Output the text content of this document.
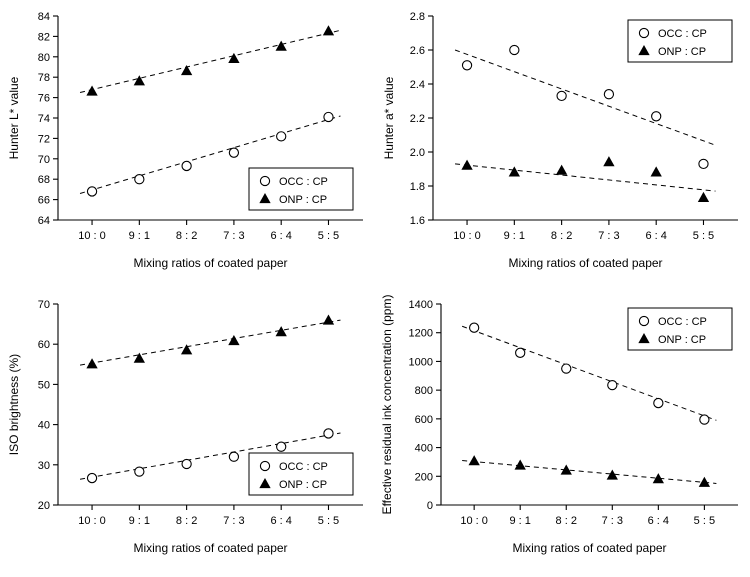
64
66
68
70
72
74
76
78
80
82
84
10 : 0 9 : 1 8 : 2 7 : 3 6 : 4 5 : 5
Mixing ratios of coated paper
Hunter L* value
OCC : CP
ONP : CP
1.6
1.8
2.0
2.2
2.4
2.6
2.8
10 : 0 9 : 1 8 : 2 7 : 3 6 : 4 5 : 5
Mixing ratios of coated paper
Hunter a* value
OCC : CP
ONP : CP
20
30
40
50
60
70
10 : 0 9 : 1 8 : 2 7 : 3 6 : 4 5 : 5
Mixing ratios of coated paper
ISO brightness (%)
OCC : CP
ONP : CP
0
200
400
600
800
1000
1200
1400
10 : 0 9 : 1 8 : 2 7 : 3 6 : 4 5 : 5
Mixing ratios of coated paper
Effective residual ink concentration (ppm)	OCC : CP
ONP : CP
